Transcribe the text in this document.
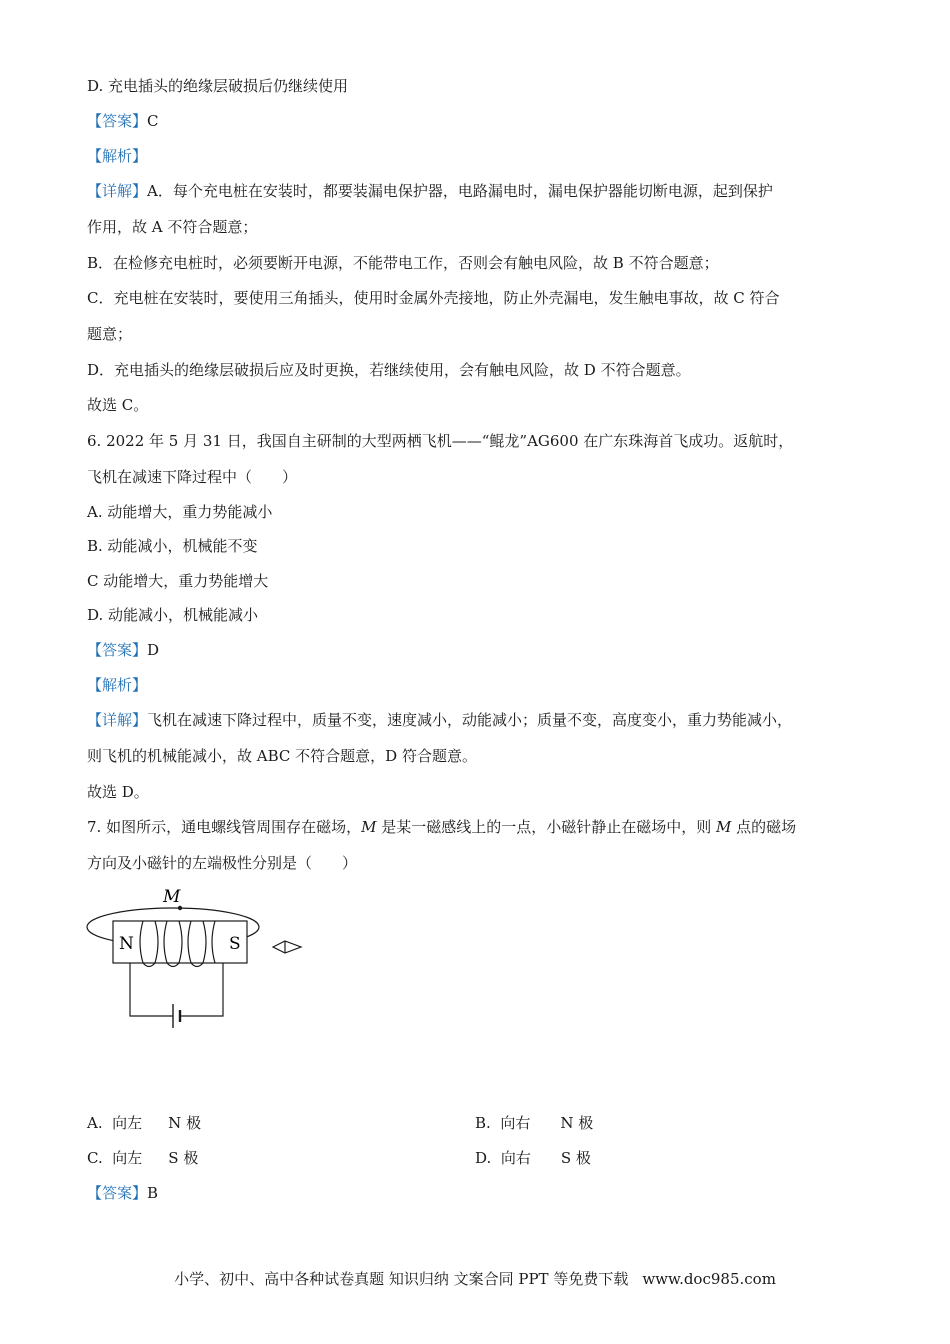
D. 充电插头的绝缘层破损后仍继续使用
【答案】C
【解析】
【详解】A．每个充电桩在安装时，都要装漏电保护器，电路漏电时，漏电保护器能切断电源，起到保护
作用，故 A 不符合题意；
B．在检修充电桩时，必须要断开电源，不能带电工作，否则会有触电风险，故 B 不符合题意；
C．充电桩在安装时，要使用三角插头，使用时金属外壳接地，防止外壳漏电，发生触电事故，故 C 符合
题意；
D．充电插头的绝缘层破损后应及时更换，若继续使用，会有触电风险，故 D 不符合题意。
故选 C。
6. 2022 年 5 月 31 日，我国自主研制的大型两栖飞机——“鲲龙”AG600 在广东珠海首飞成功。返航时，
飞机在减速下降过程中（　　）
A. 动能增大，重力势能减小
B. 动能减小，机械能不变
C 动能增大，重力势能增大
D. 动能减小，机械能减小
【答案】D
【解析】
【详解】飞机在减速下降过程中，质量不变，速度减小，动能减小；质量不变，高度变小，重力势能减小，
则飞机的机械能减小，故 ABC 不符合题意，D 符合题意。
故选 D。
7. 如图所示，通电螺线管周围存在磁场，M 是某一磁感线上的一点，小磁针静止在磁场中，则 M 点的磁场
方向及小磁针的左端极性分别是（　　）
M
N	S
A. 向左 N 极	B. 向右 N 极
C. 向左 S 极	D. 向右 S 极
【答案】B
小学、初中、高中各种试卷真题 知识归纳 文案合同 PPT 等免费下载 www.doc985.com
